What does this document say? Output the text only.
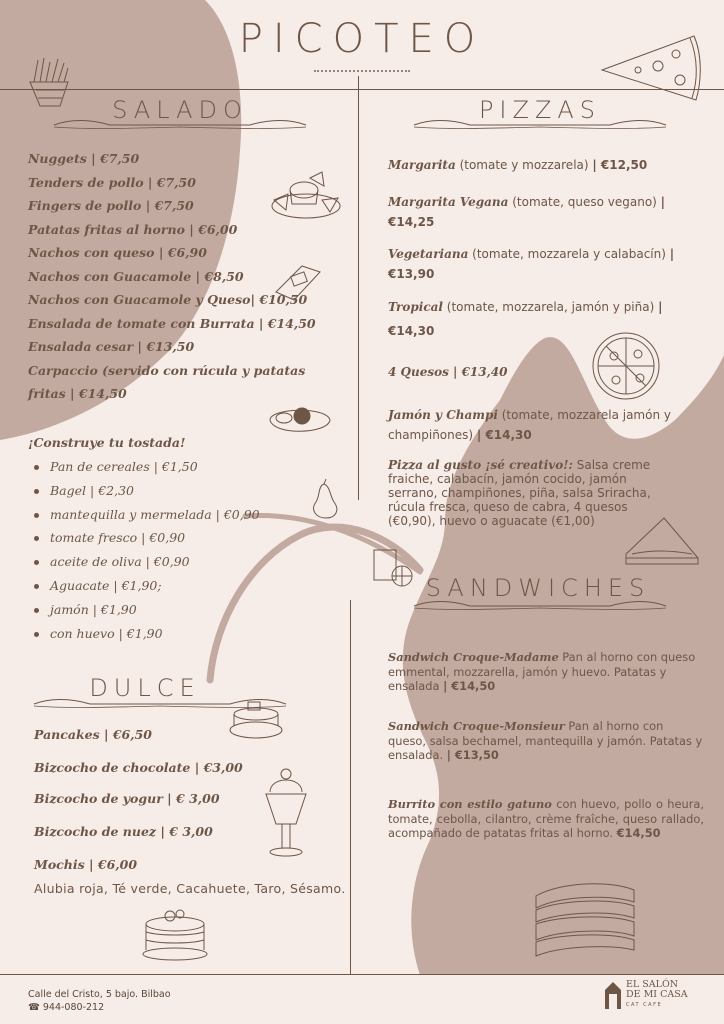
PICOTEO
SALADO
Nuggets | €7,50
Tenders de pollo | €7,50
Fingers de pollo | €7,50
Patatas fritas al horno | €6,00
Nachos con queso | €6,90
Nachos con Guacamole | €8,50
Nachos con Guacamole y Queso| €10,50
Ensalada de tomate con Burrata | €14,50
Ensalada cesar | €13,50
Carpaccio (servido con rúcula y patatas
fritas | €14,50
¡Construye tu tostada!
Pan de cereales | €1,50
Bagel | €2,30
mantequilla y mermelada | €0,90
tomate fresco | €0,90
aceite de oliva | €0,90
Aguacate | €1,90;
jamón | €1,90
con huevo | €1,90
DULCE
Pancakes | €6,50
Bizcocho de chocolate | €3,00
Bizcocho de yogur | € 3,00
Bizcocho de nuez | € 3,00
Mochis | €6,00
Alubia roja, Té verde, Cacahuete, Taro, Sésamo.
PIZZAS
Margarita (tomate y mozzarela) | €12,50
Margarita Vegana (tomate, queso vegano) | €14,25
Vegetariana (tomate, mozzarela y calabacín) | €13,90
Tropical (tomate, mozzarela, jamón y piña) | €14,30
4 Quesos | €13,40
Jamón y Champi (tomate, mozzarela jamón y champiñones) | €14,30
Pizza al gusto ¡sé creativo!: Salsa creme fraiche, calabacín, jamón cocido, jamón serrano, champiñones, piña, salsa Sriracha, rúcula fresca, queso de cabra, 4 quesos (€0,90), huevo o aguacate (€1,00)
SANDWICHES
Sandwich Croque-Madame Pan al horno con queso emmental, mozzarella, jamón y huevo. Patatas y ensalada | €14,50
Sandwich Croque-Monsieur Pan al horno con queso, salsa bechamel, mantequilla y jamón. Patatas y ensalada. | €13,50
Burrito con estilo gatuno con huevo, pollo o heura, tomate, cebolla, cilantro, crème fraîche, queso rallado, acompañado de patatas fritas al horno. €14,50
Calle del Cristo, 5 bajo. Bilbao
☎ 944-080-212
EL SALÓN
DE MI CASA
CAT CAFE
